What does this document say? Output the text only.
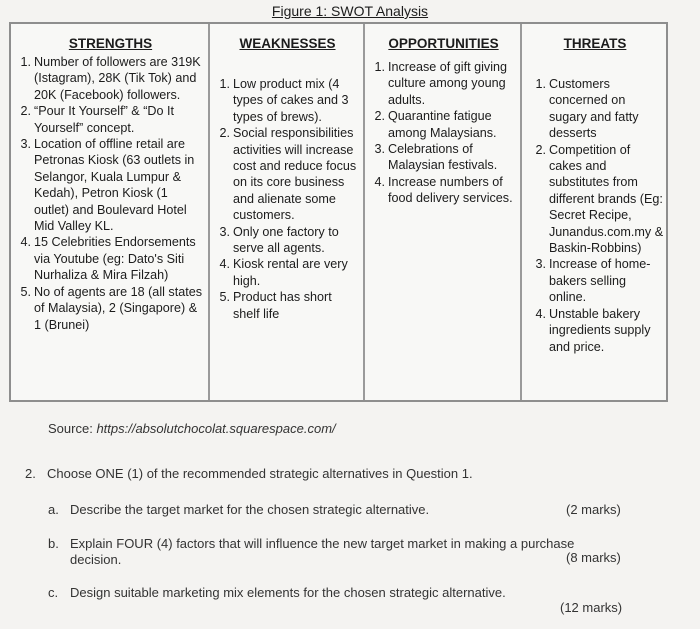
Figure 1: SWOT Analysis
STRENGTHS
1. Number of followers are 319K (Istagram), 28K (Tik Tok) and 20K (Facebook) followers.
2. “Pour It Yourself” & “Do It Yourself” concept.
3. Location of offline retail are Petronas Kiosk (63 outlets in Selangor, Kuala Lumpur & Kedah), Petron Kiosk (1 outlet) and Boulevard Hotel Mid Valley KL.
4. 15 Celebrities Endorsements via Youtube (eg: Dato's Siti Nurhaliza & Mira Filzah)
5. No of agents are 18 (all states of Malaysia), 2 (Singapore) & 1 (Brunei)
WEAKNESSES
1. Low product mix (4 types of cakes and 3 types of brews).
2. Social responsibilities activities will increase cost and reduce focus on its core business and alienate some customers.
3. Only one factory to serve all agents.
4. Kiosk rental are very high.
5. Product has short shelf life
OPPORTUNITIES
1. Increase of gift giving culture among young adults.
2. Quarantine fatigue among Malaysians.
3. Celebrations of Malaysian festivals.
4. Increase numbers of food delivery services.
THREATS
1. Customers concerned on sugary and fatty desserts
2. Competition of cakes and substitutes from different brands (Eg: Secret Recipe, Junandus.com.my & Baskin-Robbins)
3. Increase of home-bakers selling online.
4. Unstable bakery ingredients supply and price.
Source: https://absolutchocolat.squarespace.com/
2. Choose ONE (1) of the recommended strategic alternatives in Question 1.
a. Describe the target market for the chosen strategic alternative.	(2 marks)
b. Explain FOUR (4) factors that will influence the new target market in making a purchase decision.	(8 marks)
c. Design suitable marketing mix elements for the chosen strategic alternative.
(12 marks)
